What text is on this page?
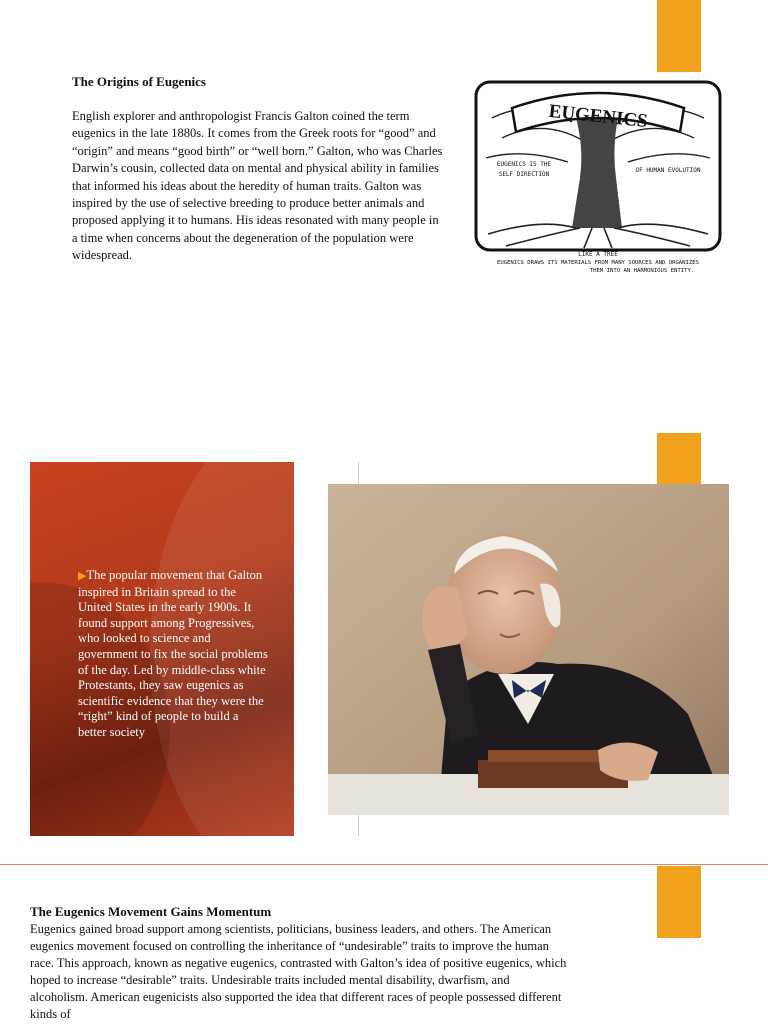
The Origins of Eugenics
English explorer and anthropologist Francis Galton coined the term eugenics in the late 1880s. It comes from the Greek roots for “good” and “origin” and means “good birth” or “well born.” Galton, who was Charles Darwin’s cousin, collected data on mental and physical ability in families that informed his ideas about the heredity of human traits. Galton was inspired by the use of selective breeding to produce better animals and proposed applying it to humans. His ideas resonated with many people in a time when concerns about the degeneration of the population were widespread.
EUGENICS
EUGENICS IS THE
SELF DIRECTION
OF HUMAN EVOLUTION
LIKE A TREE
EUGENICS DRAWS ITS MATERIALS FROM MANY SOURCES AND ORGANIZES
THEM INTO AN HARMONIOUS ENTITY.
▶The popular movement that Galton inspired in Britain spread to the United States in the early 1900s. It found support among Progressives, who looked to science and government to fix the social problems of the day. Led by middle-class white Protestants, they saw eugenics as scientific evidence that they were the “right” kind of people to build a better society
The Eugenics Movement Gains Momentum
Eugenics gained broad support among scientists, politicians, business leaders, and others. The American eugenics movement focused on controlling the inheritance of “undesirable” traits to improve the human race. This approach, known as negative eugenics, contrasted with Galton’s idea of positive eugenics, which hoped to increase “desirable” traits. Undesirable traits included mental disability, dwarfism, and alcoholism. American eugenicists also supported the idea that different races of people possessed different kinds of
